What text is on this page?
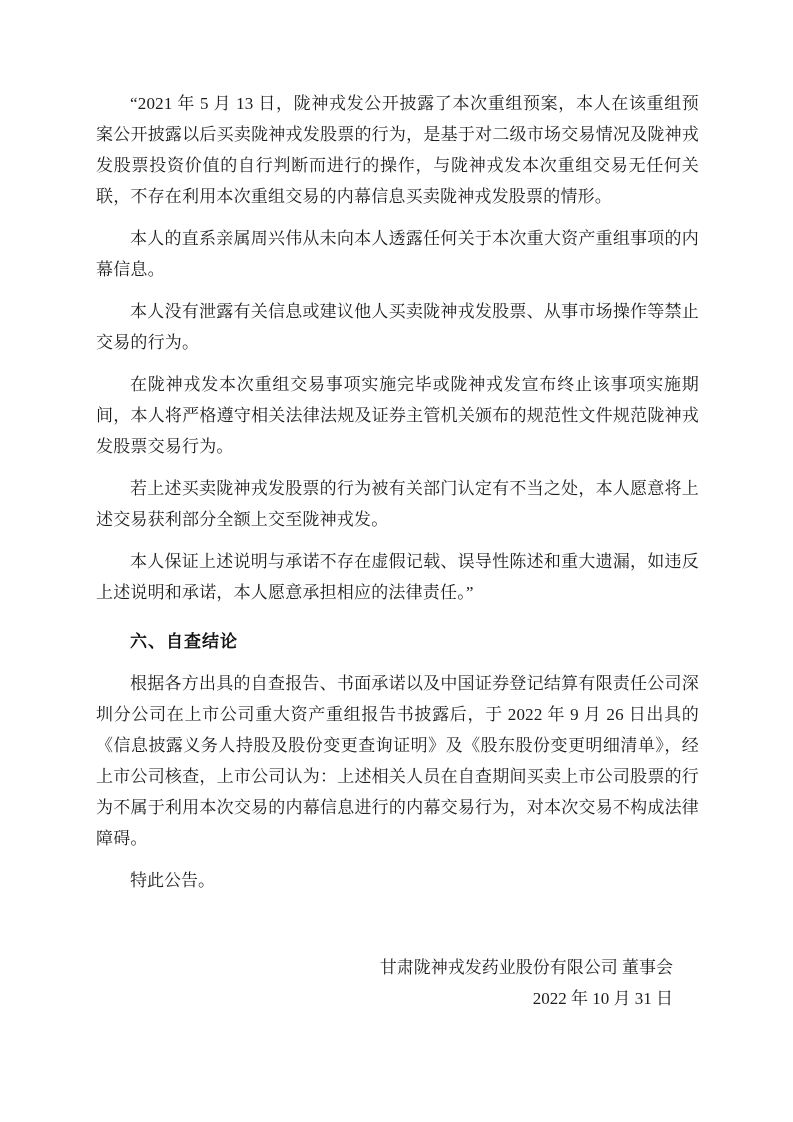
“2021 年 5 月 13 日，陇神戎发公开披露了本次重组预案，本人在该重组预案公开披露以后买卖陇神戎发股票的行为，是基于对二级市场交易情况及陇神戎发股票投资价值的自行判断而进行的操作，与陇神戎发本次重组交易无任何关联，不存在利用本次重组交易的内幕信息买卖陇神戎发股票的情形。

本人的直系亲属周兴伟从未向本人透露任何关于本次重大资产重组事项的内幕信息。

本人没有泄露有关信息或建议他人买卖陇神戎发股票、从事市场操作等禁止交易的行为。

在陇神戎发本次重组交易事项实施完毕或陇神戎发宣布终止该事项实施期间，本人将严格遵守相关法律法规及证券主管机关颁布的规范性文件规范陇神戎发股票交易行为。

若上述买卖陇神戎发股票的行为被有关部门认定有不当之处，本人愿意将上述交易获利部分全额上交至陇神戎发。

本人保证上述说明与承诺不存在虚假记载、误导性陈述和重大遗漏，如违反上述说明和承诺，本人愿意承担相应的法律责任。”

六、自查结论

根据各方出具的自查报告、书面承诺以及中国证券登记结算有限责任公司深圳分公司在上市公司重大资产重组报告书披露后，于 2022 年 9 月 26 日出具的《信息披露义务人持股及股份变更查询证明》及《股东股份变更明细清单》，经上市公司核查，上市公司认为：上述相关人员在自查期间买卖上市公司股票的行为不属于利用本次交易的内幕信息进行的内幕交易行为，对本次交易不构成法律障碍。

特此公告。

甘肃陇神戎发药业股份有限公司 董事会

2022 年 10 月 31 日
